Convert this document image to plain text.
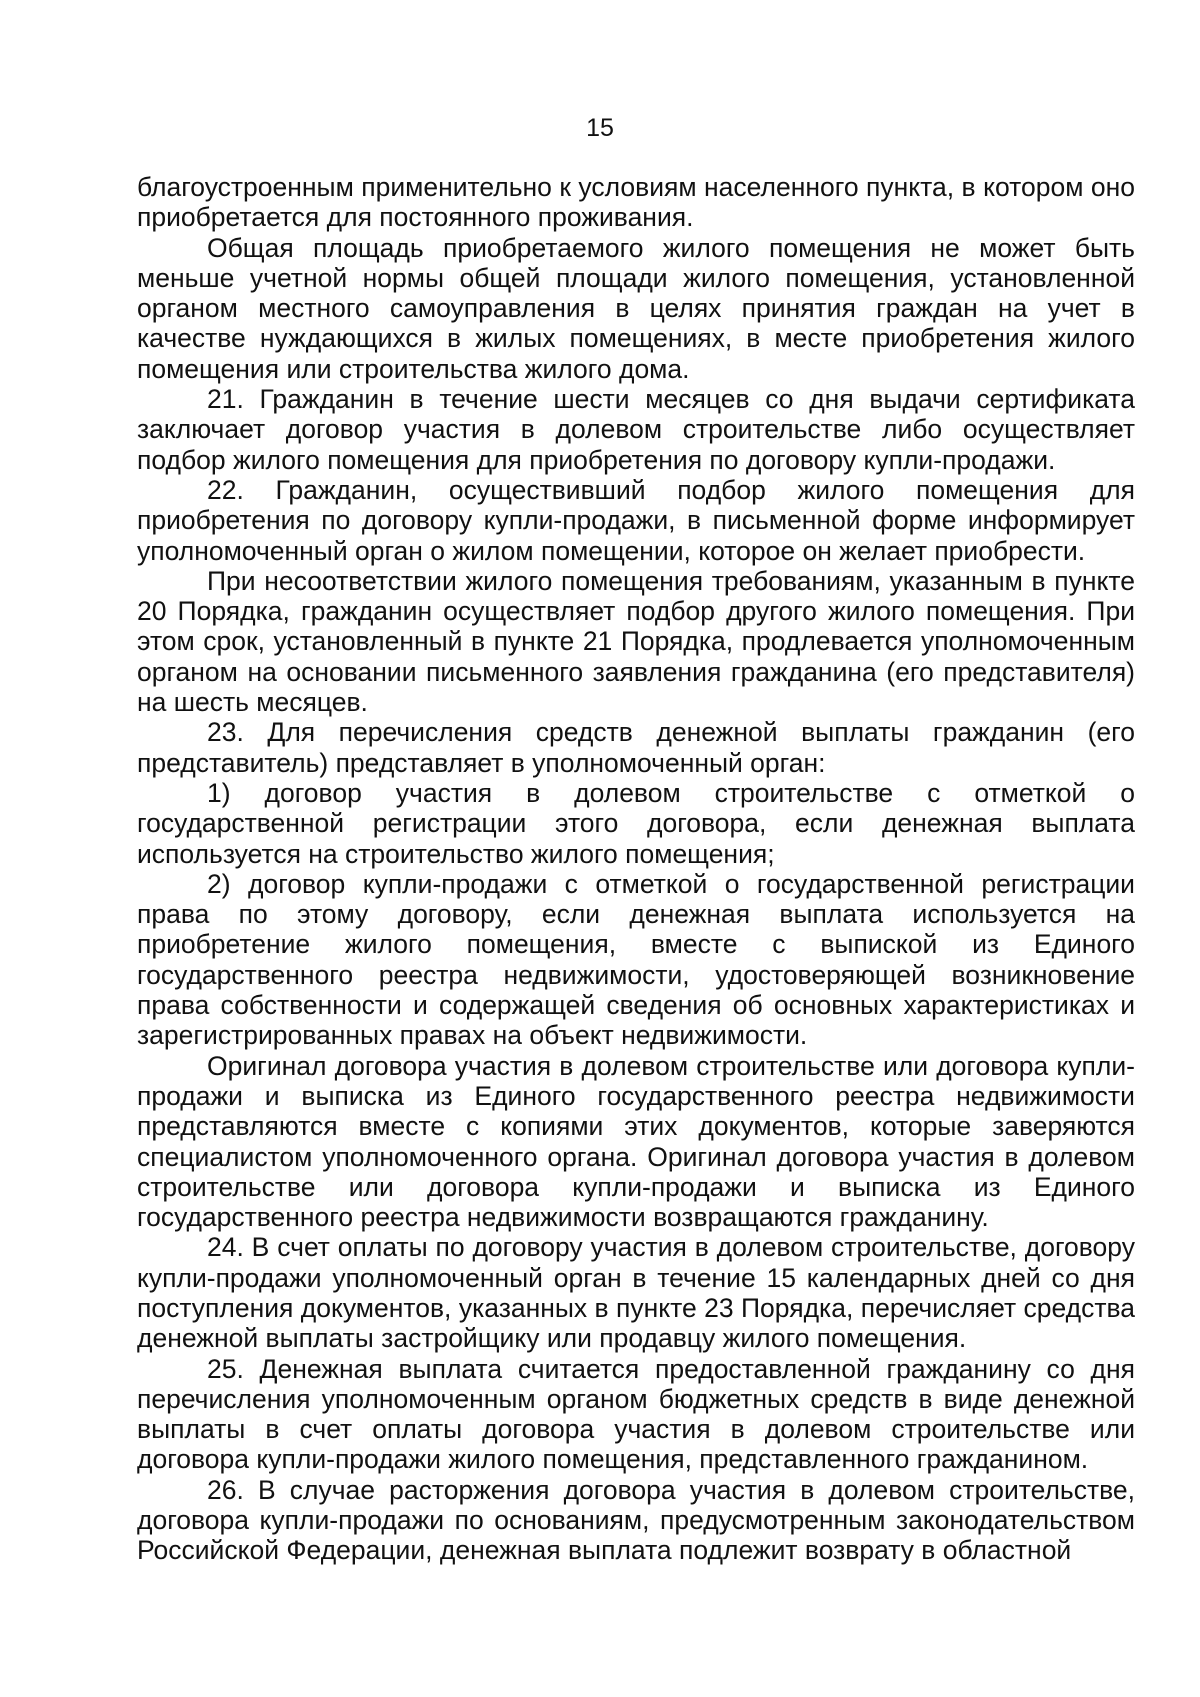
15

благоустроенным применительно к условиям населенного пункта, в котором оно приобретается для постоянного проживания.

Общая площадь приобретаемого жилого помещения не может быть меньше учетной нормы общей площади жилого помещения, установленной органом местного самоуправления в целях принятия граждан на учет в качестве нуждающихся в жилых помещениях, в месте приобретения жилого помещения или строительства жилого дома.

21. Гражданин в течение шести месяцев со дня выдачи сертификата заключает договор участия в долевом строительстве либо осуществляет подбор жилого помещения для приобретения по договору купли-продажи.

22. Гражданин, осуществивший подбор жилого помещения для приобретения по договору купли-продажи, в письменной форме информирует уполномоченный орган о жилом помещении, которое он желает приобрести.

При несоответствии жилого помещения требованиям, указанным в пункте 20 Порядка, гражданин осуществляет подбор другого жилого помещения. При этом срок, установленный в пункте 21 Порядка, продлевается уполномоченным органом на основании письменного заявления гражданина (его представителя) на шесть месяцев.

23. Для перечисления средств денежной выплаты гражданин (его представитель) представляет в уполномоченный орган:

1) договор участия в долевом строительстве с отметкой о государственной регистрации этого договора, если денежная выплата используется на строительство жилого помещения;

2) договор купли-продажи с отметкой о государственной регистрации права по этому договору, если денежная выплата используется на приобретение жилого помещения, вместе с выпиской из Единого государственного реестра недвижимости, удостоверяющей возникновение права собственности и содержащей сведения об основных характеристиках и зарегистрированных правах на объект недвижимости.

Оригинал договора участия в долевом строительстве или договора купли-продажи и выписка из Единого государственного реестра недвижимости представляются вместе с копиями этих документов, которые заверяются специалистом уполномоченного органа. Оригинал договора участия в долевом строительстве или договора купли-продажи и выписка из Единого государственного реестра недвижимости возвращаются гражданину.

24. В счет оплаты по договору участия в долевом строительстве, договору купли-продажи уполномоченный орган в течение 15 календарных дней со дня поступления документов, указанных в пункте 23 Порядка, перечисляет средства денежной выплаты застройщику или продавцу жилого помещения.

25. Денежная выплата считается предоставленной гражданину со дня перечисления уполномоченным органом бюджетных средств в виде денежной выплаты в счет оплаты договора участия в долевом строительстве или договора купли-продажи жилого помещения, представленного гражданином.

26. В случае расторжения договора участия в долевом строительстве, договора купли-продажи по основаниям, предусмотренным законодательством Российской Федерации, денежная выплата подлежит возврату в областной
